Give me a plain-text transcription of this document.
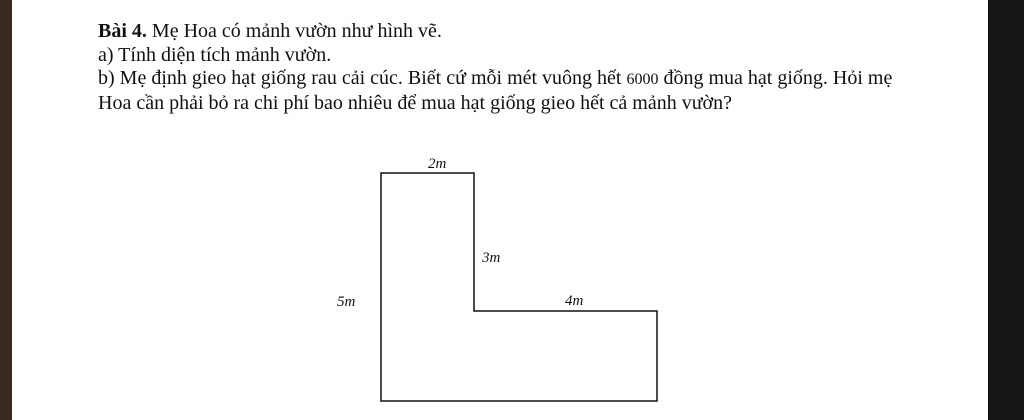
Bài 4. Mẹ Hoa có mảnh vườn như hình vẽ.

a) Tính diện tích mảnh vườn.

b) Mẹ định gieo hạt giống rau cải cúc. Biết cứ mỗi mét vuông hết 6000 đồng mua hạt giống. Hỏi mẹ Hoa cần phải bỏ ra chi phí bao nhiêu để mua hạt giống gieo hết cả mảnh vườn?

2m
3m
5m	4m
